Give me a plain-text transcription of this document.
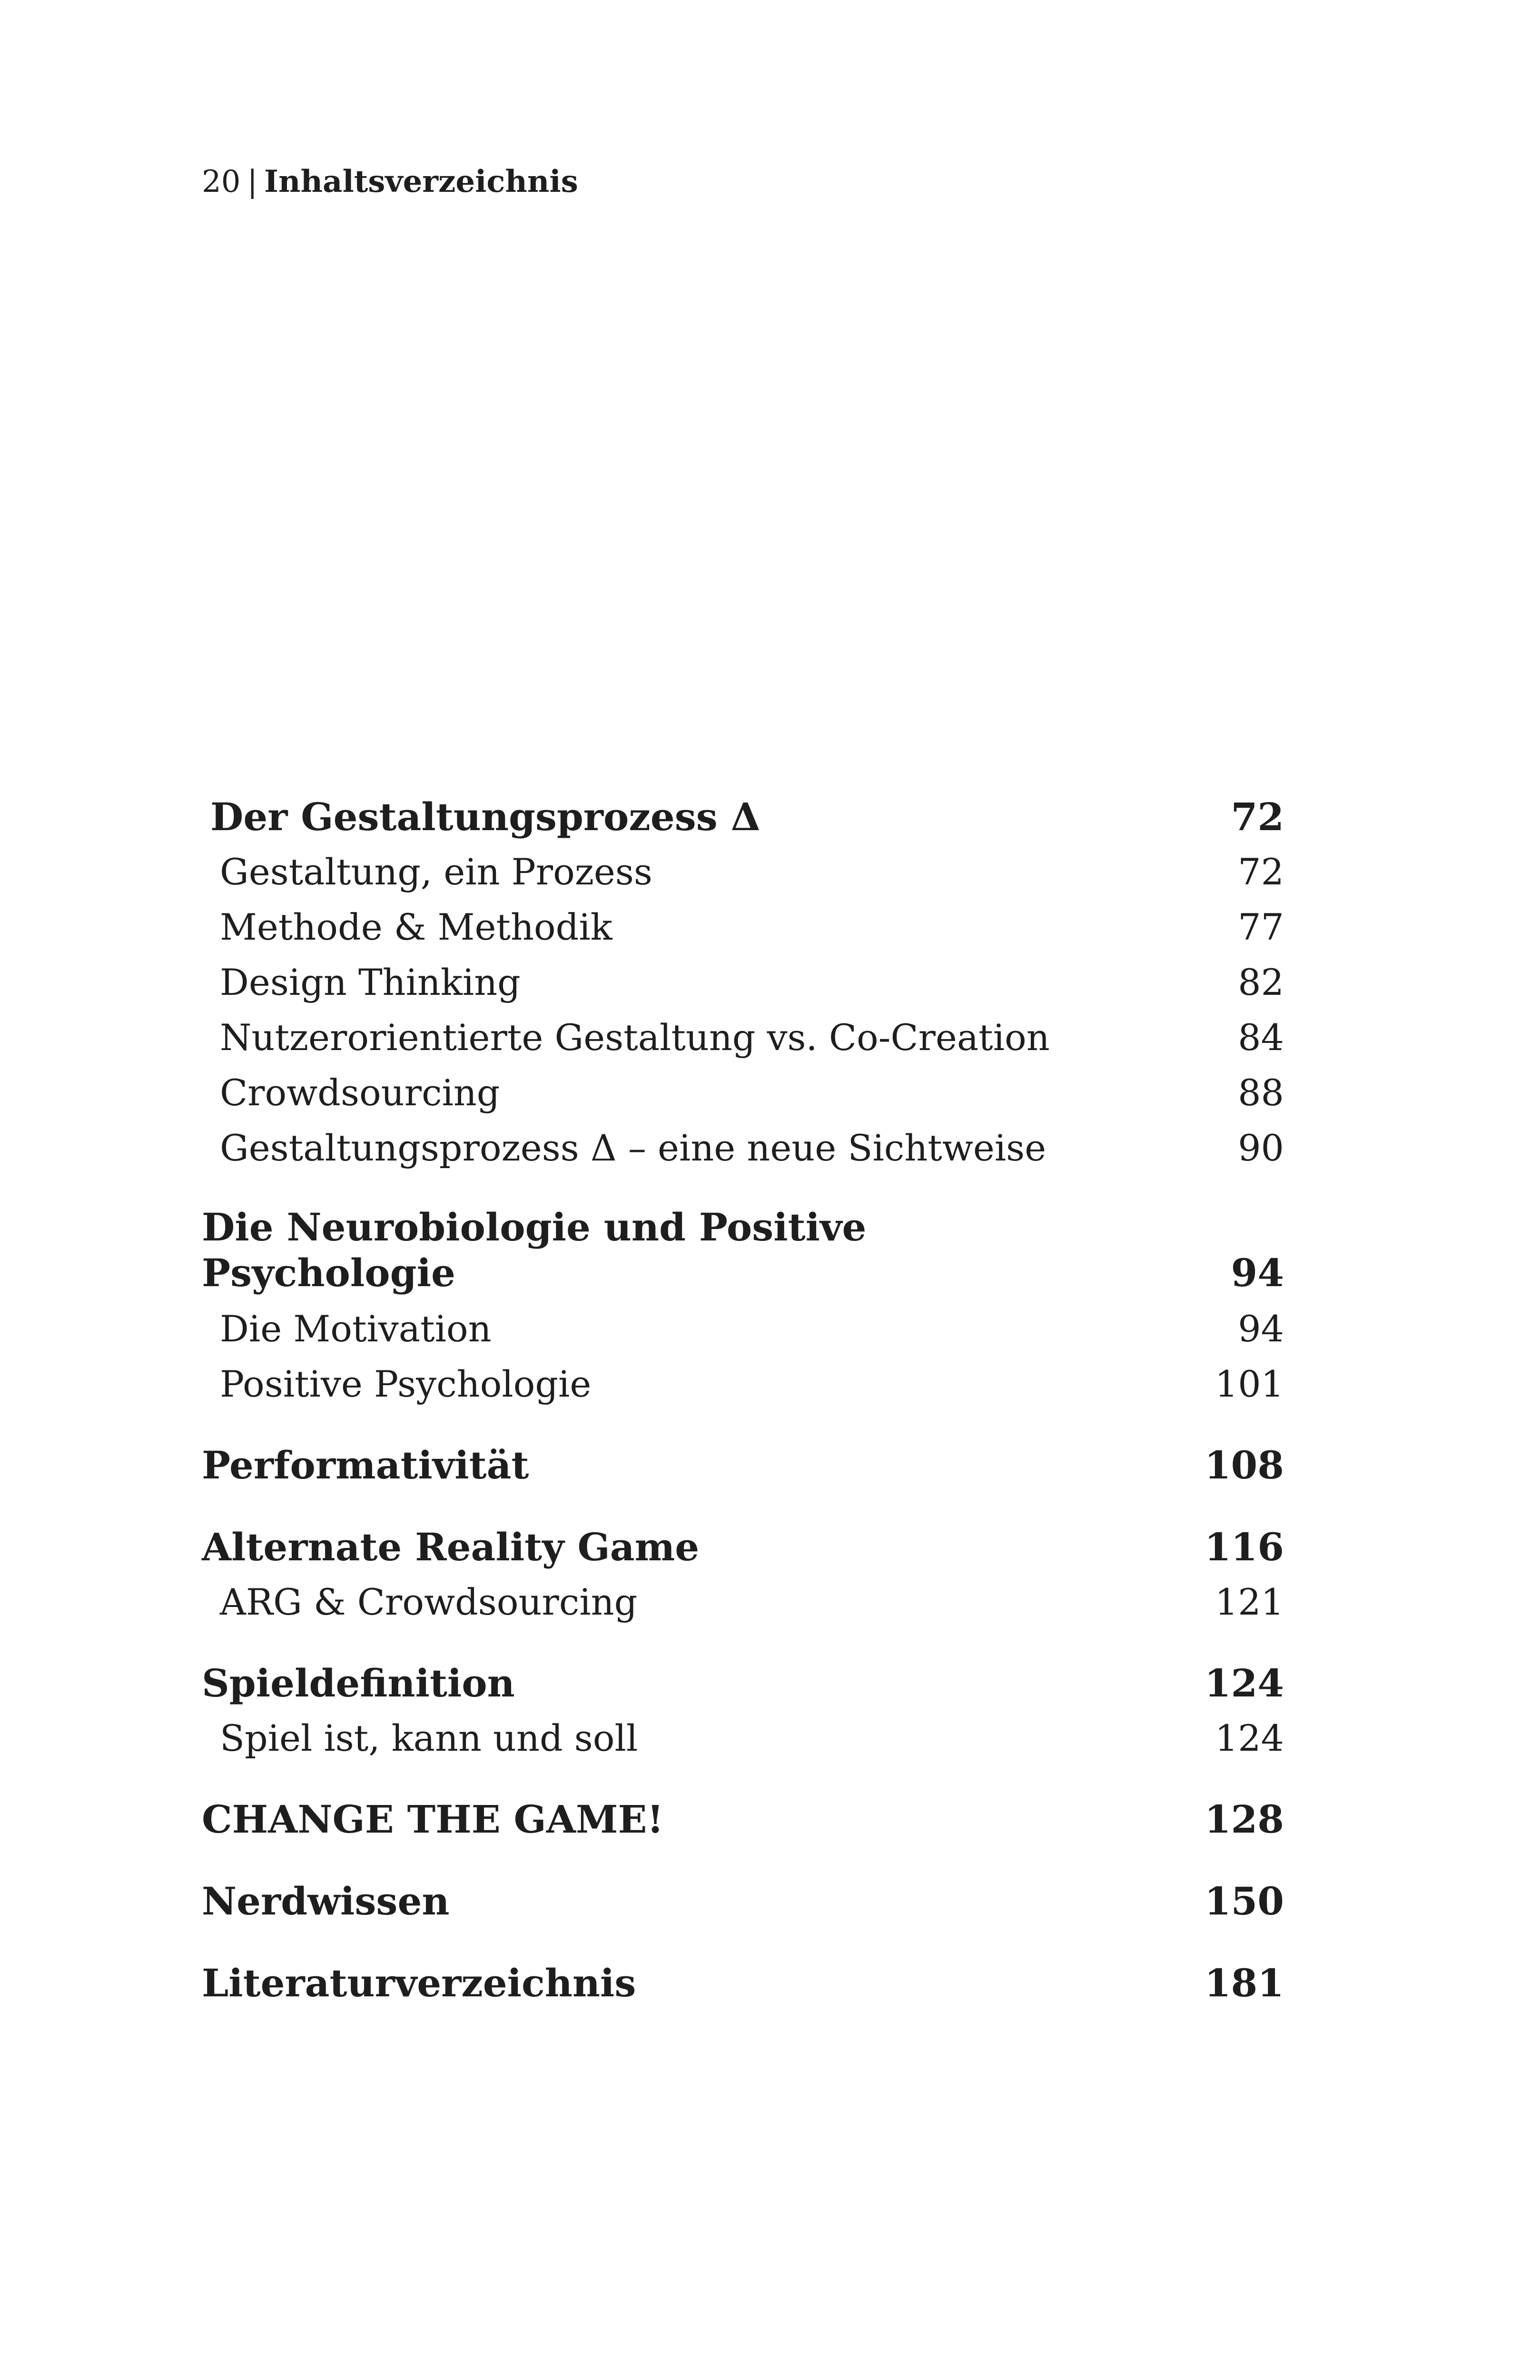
20 | Inhaltsverzeichnis
Der Gestaltungsprozess Δ	72
Gestaltung, ein Prozess	72
Methode & Methodik	77
Design Thinking	82
Nutzerorientierte Gestaltung vs. Co-Creation	84
Crowdsourcing	88
Gestaltungsprozess Δ – eine neue Sichtweise	90
Die Neurobiologie und Positive
Psychologie	94
Die Motivation	94
Positive Psychologie	101
Performativität	108
Alternate Reality Game	116
ARG & Crowdsourcing	121
Spieldefinition	124
Spiel ist, kann und soll	124
CHANGE THE GAME!	128
Nerdwissen	150
Literaturverzeichnis	181
